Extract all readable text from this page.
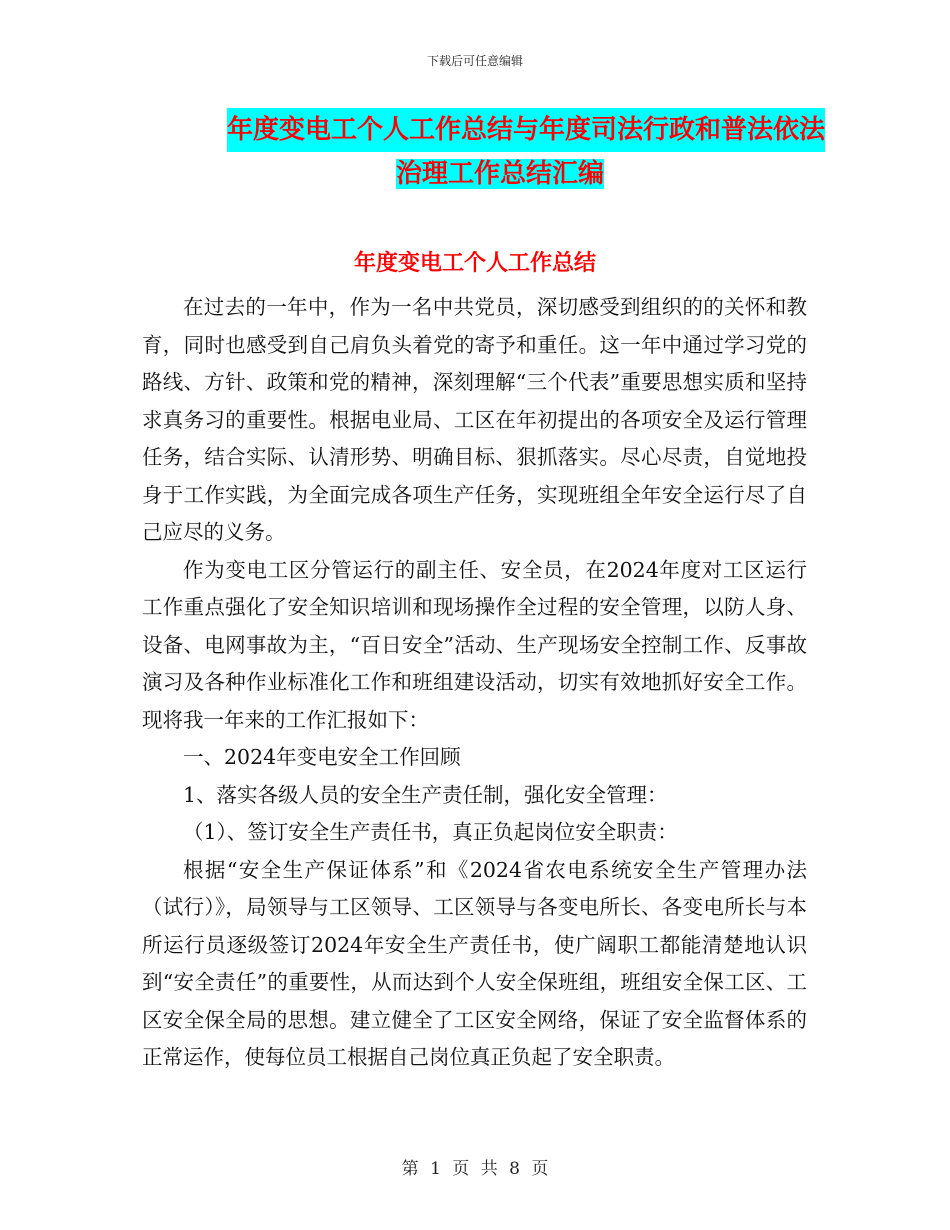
下载后可任意编辑
年度变电工个人工作总结与年度司法行政和普法依法
治理工作总结汇编
年度变电工个人工作总结

在过去的一年中，作为一名中共党员，深切感受到组织的的关怀和教育，同时也感受到自己肩负头着党的寄予和重任。这一年中通过学习党的路线、方针、政策和党的精神，深刻理解“三个代表”重要思想实质和坚持求真务习的重要性。根据电业局、工区在年初提出的各项安全及运行管理任务，结合实际、认清形势、明确目标、狠抓落实。尽心尽责，自觉地投身于工作实践，为全面完成各项生产任务，实现班组全年安全运行尽了自己应尽的义务。

作为变电工区分管运行的副主任、安全员，在2024年度对工区运行工作重点强化了安全知识培训和现场操作全过程的安全管理，以防人身、设备、电网事故为主，“百日安全”活动、生产现场安全控制工作、反事故演习及各种作业标准化工作和班组建设活动，切实有效地抓好安全工作。现将我一年来的工作汇报如下：

一、2024年变电安全工作回顾

1、落实各级人员的安全生产责任制，强化安全管理：

（1）、签订安全生产责任书，真正负起岗位安全职责：

根据“安全生产保证体系”和《2024省农电系统安全生产管理办法（试行）》，局领导与工区领导、工区领导与各变电所长、各变电所长与本所运行员逐级签订2024年安全生产责任书，使广阔职工都能清楚地认识到“安全责任”的重要性，从而达到个人安全保班组，班组安全保工区、工区安全保全局的思想。建立健全了工区安全网络，保证了安全监督体系的正常运作，使每位员工根据自己岗位真正负起了安全职责。

第 1 页 共 8 页
